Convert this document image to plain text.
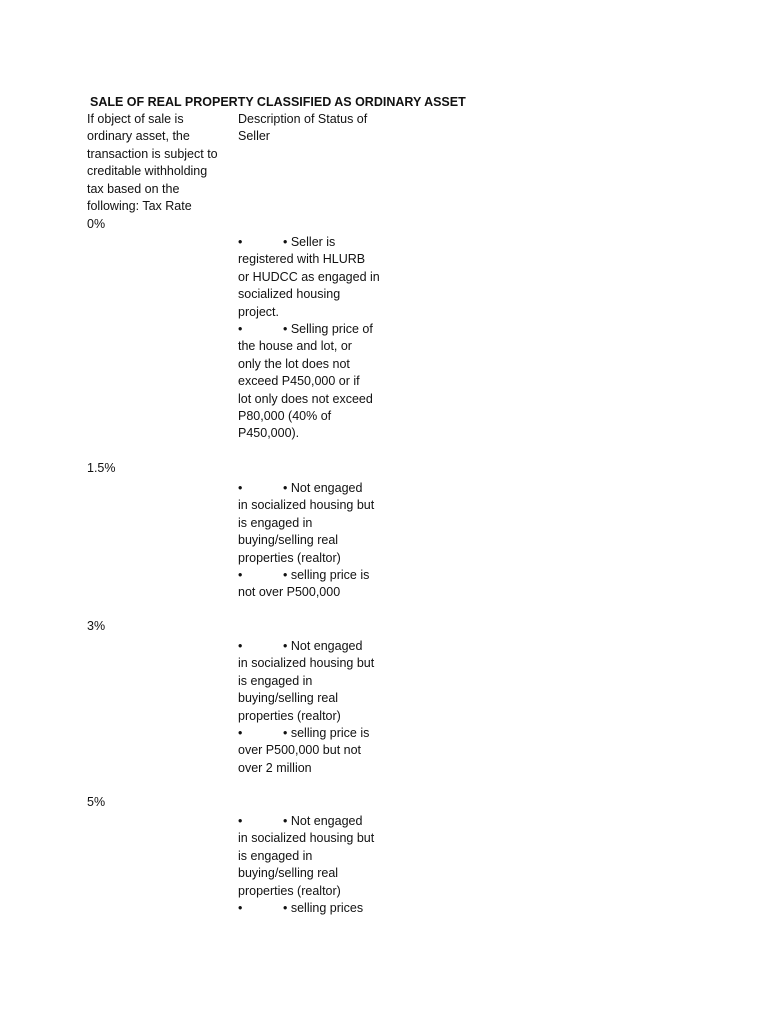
SALE OF REAL PROPERTY CLASSIFIED AS ORDINARY ASSET
If object of sale is
ordinary asset, the
transaction is subject to
creditable withholding
tax based on the
following: Tax Rate
Description of Status of
Seller
0%
•	• Seller is
registered with HLURB
or HUDCC as engaged in
socialized housing
project.
•	• Selling price of
the house and lot, or
only the lot does not
exceed P450,000 or if
lot only does not exceed
P80,000 (40% of
P450,000).
1.5%
•	• Not engaged
in socialized housing but
is engaged in
buying/selling real
properties (realtor)
•	• selling price is
not over P500,000
3%
•	• Not engaged
in socialized housing but
is engaged in
buying/selling real
properties (realtor)
•	• selling price is
over P500,000 but not
over 2 million
5%
•	• Not engaged
in socialized housing but
is engaged in
buying/selling real
properties (realtor)
•	• selling prices
